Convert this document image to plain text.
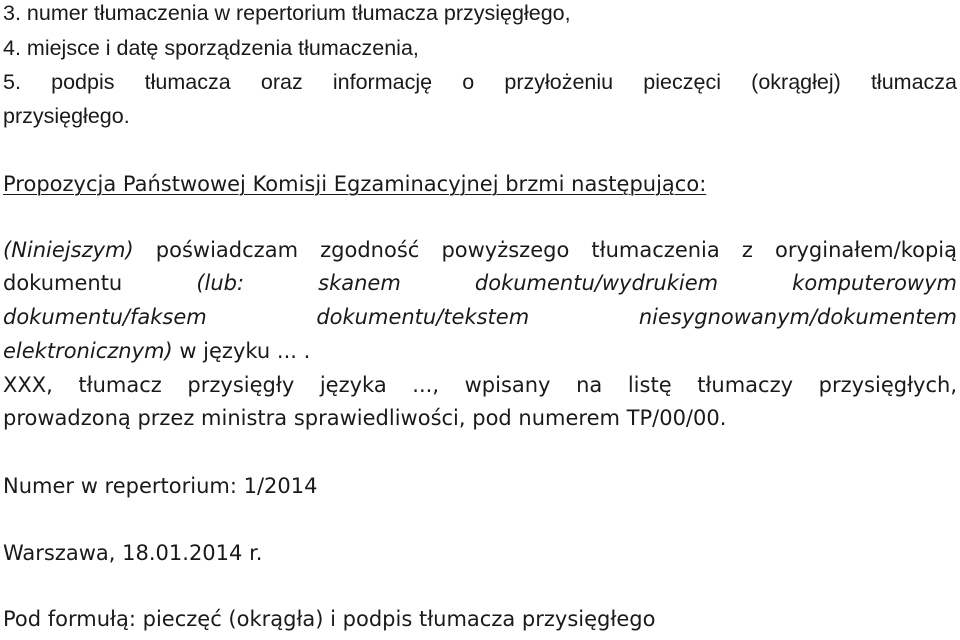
3. numer tłumaczenia w repertorium tłumacza przysięgłego,
4. miejsce i datę sporządzenia tłumaczenia,
5. podpis tłumacza oraz informację o przyłożeniu pieczęci (okrągłej) tłumacza
przysięgłego.
Propozycja Państwowej Komisji Egzaminacyjnej brzmi następująco:
(Niniejszym) poświadczam zgodność powyższego tłumaczenia z oryginałem/kopią
dokumentu (lub: skanem dokumentu/wydrukiem komputerowym
dokumentu/faksem dokumentu/tekstem niesygnowanym/dokumentem
elektronicznym) w języku ... .
XXX, tłumacz przysięgły języka ..., wpisany na listę tłumaczy przysięgłych,
prowadzoną przez ministra sprawiedliwości, pod numerem TP/00/00.
Numer w repertorium: 1/2014
Warszawa, 18.01.2014 r.
Pod formułą: pieczęć (okrągła) i podpis tłumacza przysięgłego
